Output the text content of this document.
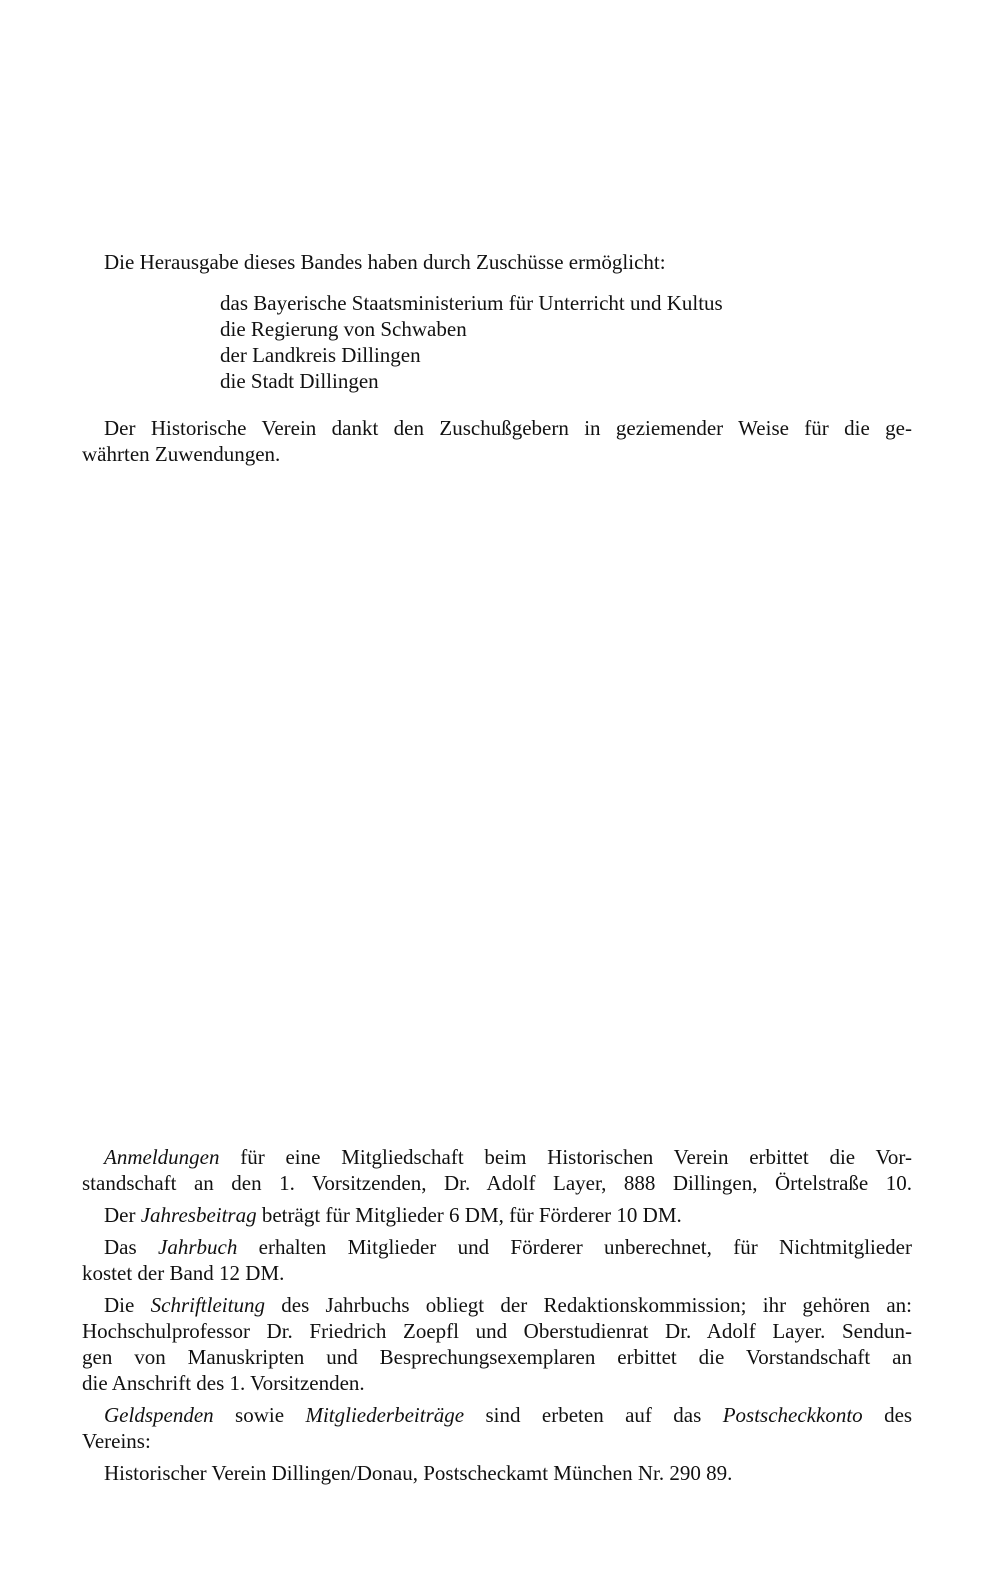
Die Herausgabe dieses Bandes haben durch Zuschüsse ermöglicht:
das Bayerische Staatsministerium für Unterricht und Kultus
die Regierung von Schwaben
der Landkreis Dillingen
die Stadt Dillingen
Der Historische Verein dankt den Zuschußgebern in geziemender Weise für die ge-
währten Zuwendungen.
Anmeldungen für eine Mitgliedschaft beim Historischen Verein erbittet die Vor-
standschaft an den 1. Vorsitzenden, Dr. Adolf Layer, 888 Dillingen, Örtelstraße 10.
Der Jahresbeitrag beträgt für Mitglieder 6 DM, für Förderer 10 DM.
Das Jahrbuch erhalten Mitglieder und Förderer unberechnet, für Nichtmitglieder
kostet der Band 12 DM.
Die Schriftleitung des Jahrbuchs obliegt der Redaktionskommission; ihr gehören an:
Hochschulprofessor Dr. Friedrich Zoepfl und Oberstudienrat Dr. Adolf Layer. Sendun-
gen von Manuskripten und Besprechungsexemplaren erbittet die Vorstandschaft an
die Anschrift des 1. Vorsitzenden.
Geldspenden sowie Mitgliederbeiträge sind erbeten auf das Postscheckkonto des
Vereins:
Historischer Verein Dillingen/Donau, Postscheckamt München Nr. 290 89.
